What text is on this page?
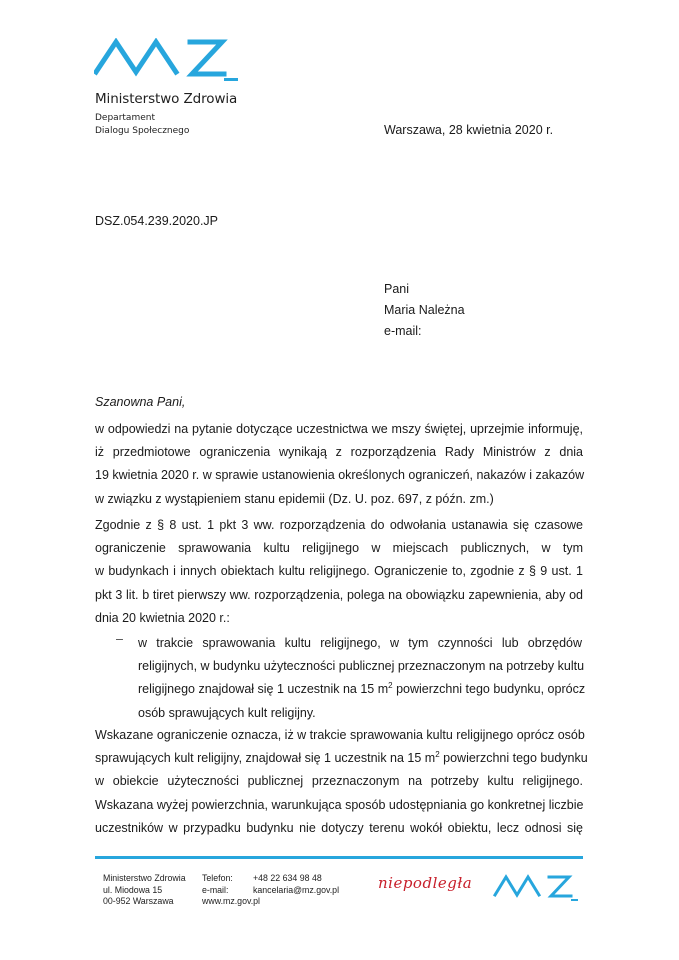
Ministerstwo Zdrowia
Departament
Dialogu Społecznego	Warszawa, 28 kwietnia 2020 r.
DSZ.054.239.2020.JP
Pani
Maria Należna
e-mail:
Szanowna Pani,
w odpowiedzi na pytanie dotyczące uczestnictwa we mszy świętej, uprzejmie informuję,
iż przedmiotowe ograniczenia wynikają z rozporządzenia Rady Ministrów z dnia
19 kwietnia 2020 r. w sprawie ustanowienia określonych ograniczeń, nakazów i zakazów
w związku z wystąpieniem stanu epidemii (Dz. U. poz. 697, z późn. zm.)
Zgodnie z § 8 ust. 1 pkt 3 ww. rozporządzenia do odwołania ustanawia się czasowe
ograniczenie sprawowania kultu religijnego w miejscach publicznych, w tym
w budynkach i innych obiektach kultu religijnego. Ograniczenie to, zgodnie z § 9 ust. 1
pkt 3 lit. b tiret pierwszy ww. rozporządzenia, polega na obowiązku zapewnienia, aby od
dnia 20 kwietnia 2020 r.:
– w trakcie sprawowania kultu religijnego, w tym czynności lub obrzędów
religijnych, w budynku użyteczności publicznej przeznaczonym na potrzeby kultu
religijnego znajdował się 1 uczestnik na 15 $m^2$ powierzchni tego budynku, oprócz
osób sprawujących kult religijny.
Wskazane ograniczenie oznacza, iż w trakcie sprawowania kultu religijnego oprócz osób
sprawujących kult religijny, znajdował się 1 uczestnik na 15 $m^2$ powierzchni tego budynku
w obiekcie użyteczności publicznej przeznaczonym na potrzeby kultu religijnego.
Wskazana wyżej powierzchnia, warunkująca sposób udostępniania go konkretnej liczbie
uczestników w przypadku budynku nie dotyczy terenu wokół obiektu, lecz odnosi się
Ministerstwo Zdrowia
ul. Miodowa 15
00-952 Warszawa
Telefon:
e-mail:
www.mz.gov.pl
+48 22 634 98 48
kancelaria@mz.gov.pl	niepodległa
